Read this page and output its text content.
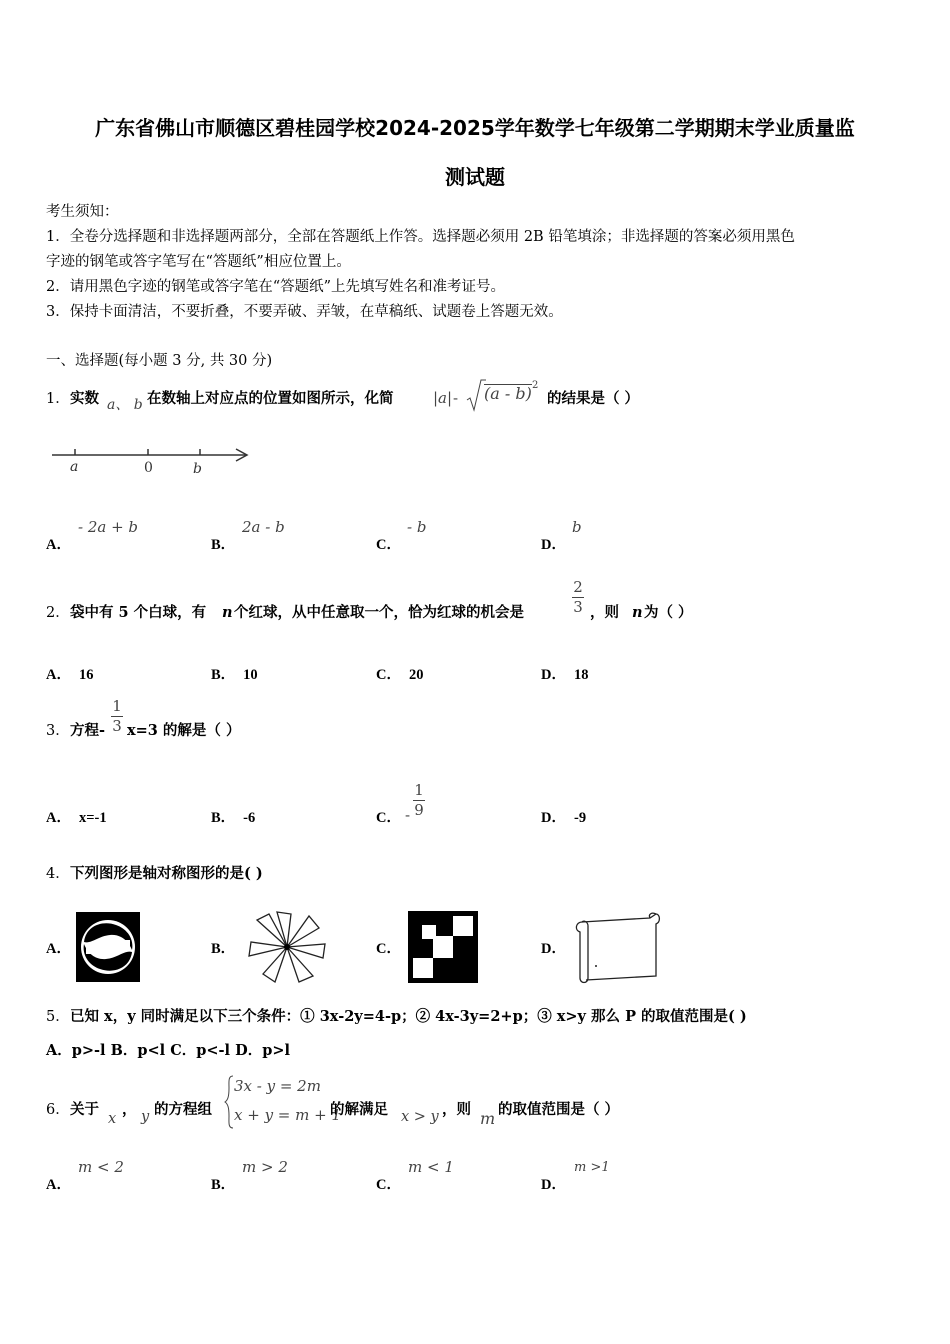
广东省佛山市顺德区碧桂园学校2024-2025学年数学七年级第二学期期末学业质量监
测试题
考生须知：
1．全卷分选择题和非选择题两部分，全部在答题纸上作答。选择题必须用 2B 铅笔填涂；非选择题的答案必须用黑色
字迹的钢笔或答字笔写在“答题纸”相应位置上。
2．请用黑色字迹的钢笔或答字笔在“答题纸”上先填写姓名和准考证号。
3．保持卡面清洁，不要折叠，不要弄破、弄皱，在草稿纸、试题卷上答题无效。
一、选择题(每小题 3 分, 共 30 分)
1． 实数 a、 b 在数轴上对应点的位置如图所示，化简	|a| - (a - b) 2
的结果是（ ）
a	0	b
A．
- 2a + b
B．
2a - b
C．
- b
D．
b
2． 袋中有 5 个白球，有 n 个红球，从中任意取一个，恰为红球的机会是
2
3 ，则 n 为（ ）
A． 16	B． 10	C． 20	D． 18
3． 方程-
1
3 x=3 的解是（ ）
A． x=-1	B． -6	C． -
1
9	D． -9
4． 下列图形是轴对称图形的是( )
A．	B．	C．	D．
5． 已知 x，y 同时满足以下三个条件：① 3x-2y=4-p；② 4x-3y=2+p；③ x>y 那么 P 的取值范围是( )
A．p>-l B．p<l C．p<-l D．p>l
6． 关于
x
， y 的方程组
3x - y = 2m
x + y = m + 1
的解满足 x > y ，则 m 的取值范围是（ ）
A．
m < 2
B．
m > 2
C．
m < 1
D．
m >1
